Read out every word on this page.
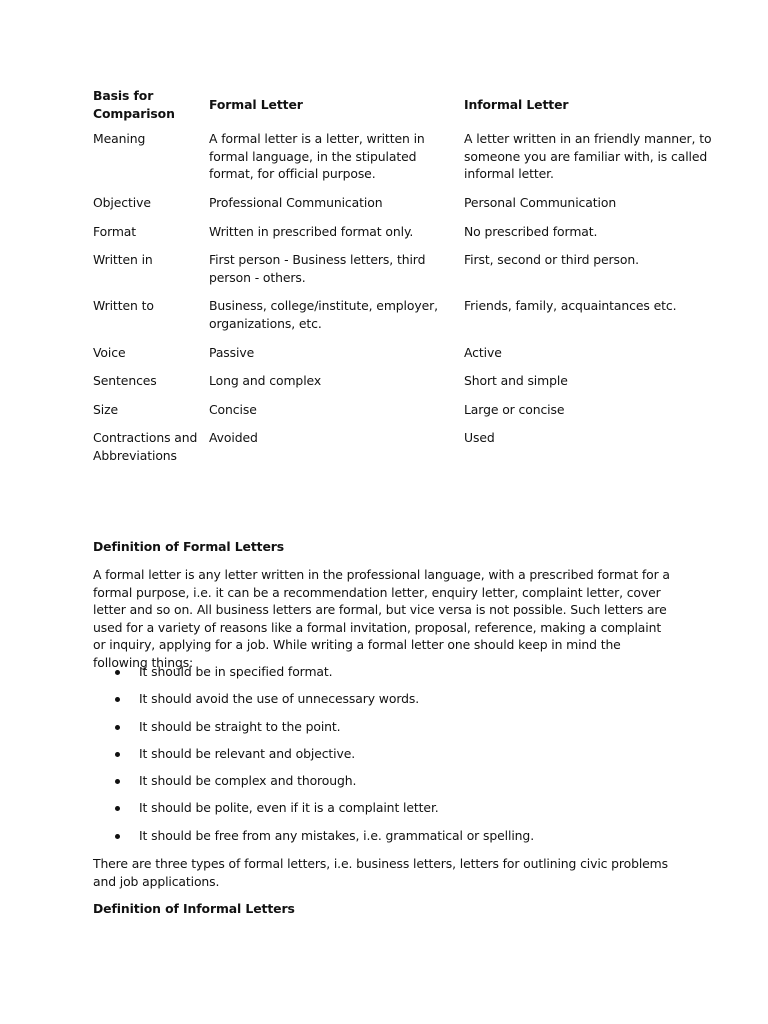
Basis for Comparison	Formal Letter	Informal Letter
Meaning	A formal letter is a letter, written in formal language, in the stipulated format, for official purpose.	A letter written in an friendly manner, to someone you are familiar with, is called informal letter.
Objective	Professional Communication	Personal Communication
Format	Written in prescribed format only.	No prescribed format.
Written in	First person - Business letters, third person - others.	First, second or third person.
Written to	Business, college/institute, employer, organizations, etc.	Friends, family, acquaintances etc.
Voice	Passive	Active
Sentences	Long and complex	Short and simple
Size	Concise	Large or concise
Contractions and Abbreviations	Avoided	Used
Definition of Formal Letters

A formal letter is any letter written in the professional language, with a prescribed format for a formal purpose, i.e. it can be a recommendation letter, enquiry letter, complaint letter, cover letter and so on. All business letters are formal, but vice versa is not possible. Such letters are used for a variety of reasons like a formal invitation, proposal, reference, making a complaint or inquiry, applying for a job. While writing a formal letter one should keep in mind the following things:

It should be in specified format.
It should avoid the use of unnecessary words.
It should be straight to the point.
It should be relevant and objective.
It should be complex and thorough.
It should be polite, even if it is a complaint letter.
It should be free from any mistakes, i.e. grammatical or spelling.

There are three types of formal letters, i.e. business letters, letters for outlining civic problems and job applications.

Definition of Informal Letters
